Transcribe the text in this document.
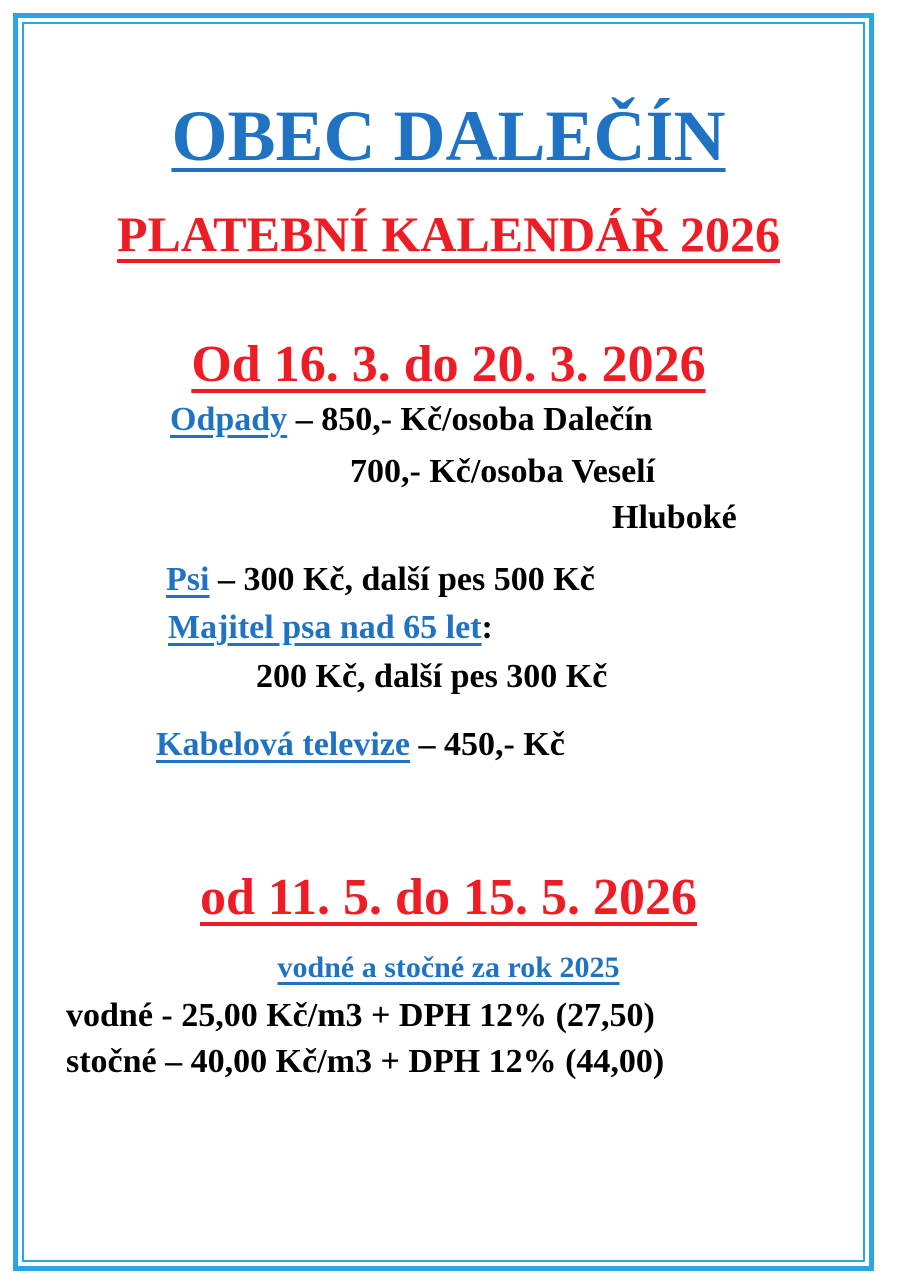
OBEC DALEČÍN
PLATEBNÍ KALENDÁŘ 2026
Od 16. 3. do 20. 3. 2026
Odpady – 850,- Kč/osoba Dalečín
700,- Kč/osoba Veselí
Hluboké
Psi – 300 Kč, další pes 500 Kč
Majitel psa nad 65 let:
200 Kč, další pes 300 Kč
Kabelová televize – 450,- Kč
od 11. 5. do 15. 5. 2026
vodné a stočné za rok 2025
vodné - 25,00 Kč/m3 + DPH 12% (27,50)
stočné – 40,00 Kč/m3 + DPH 12% (44,00)
